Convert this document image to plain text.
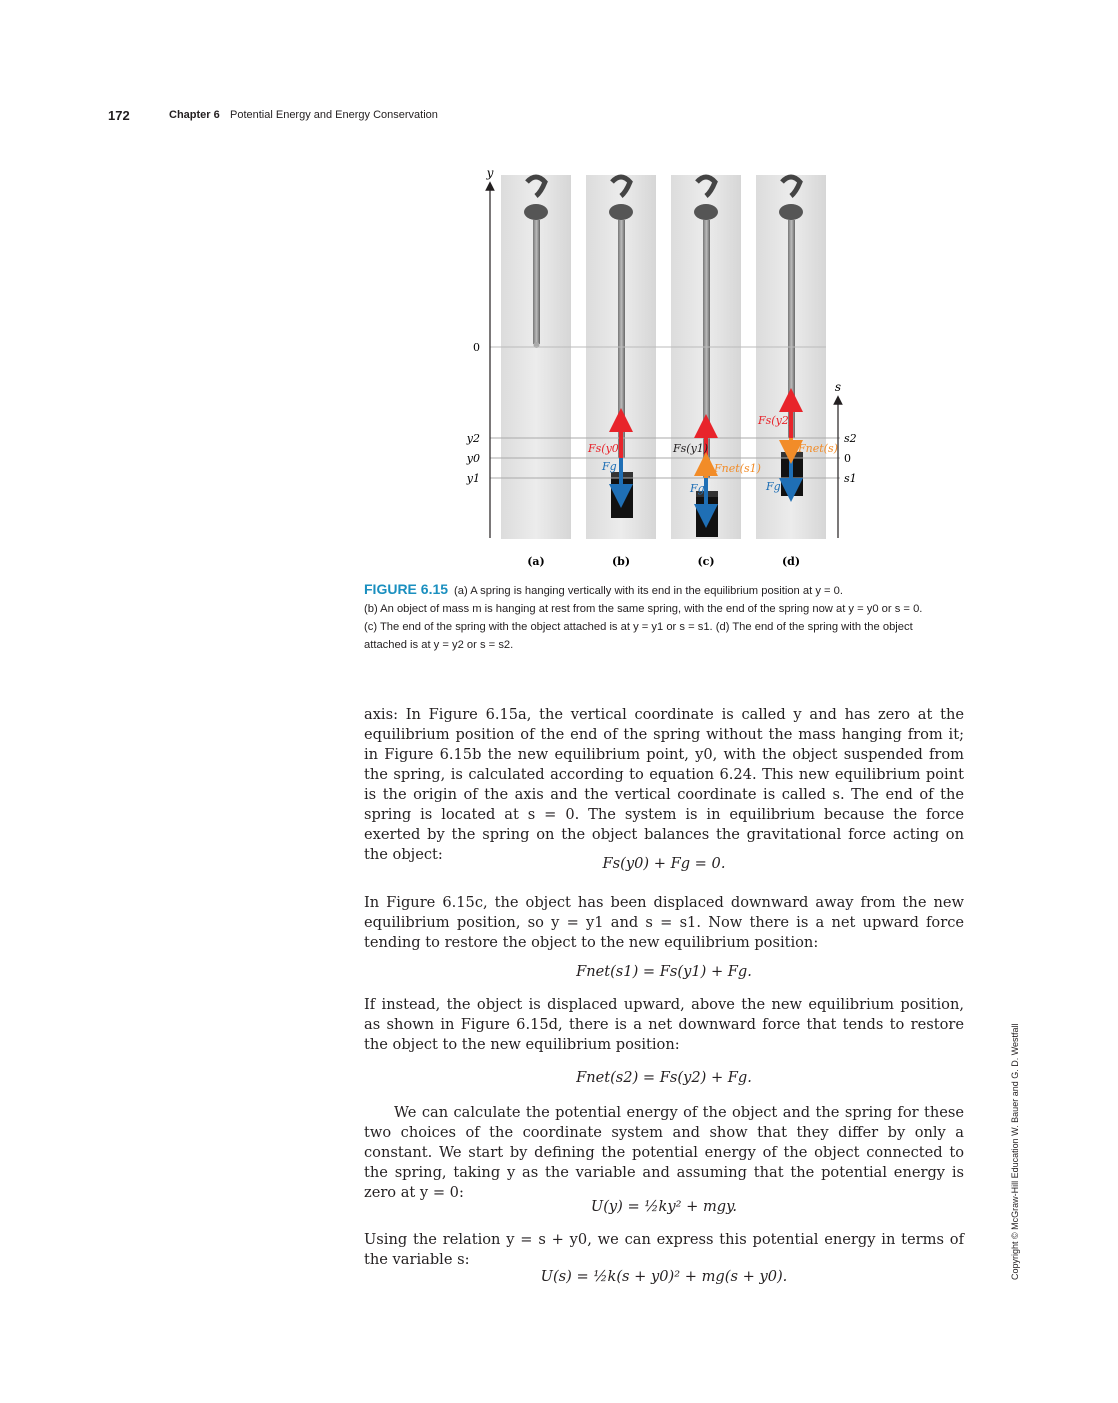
172	Chapter 6 Potential Energy and Energy Conservation
y
0
y2
y0
y1
s
s2
0
s1
Fs(y0)
Fg
Fs(y1)
Fnet(s1)
Fg
Fs(y2)
Fnet(s)
Fg
(a)	(b)	(c)	(d)
FIGURE 6.15 (a) A spring is hanging vertically with its end in the equilibrium position at y = 0.
(b) An object of mass m is hanging at rest from the same spring, with the end of the spring now at y = y0 or s = 0.
(c) The end of the spring with the object attached is at y = y1 or s = s1. (d) The end of the spring with the object
attached is at y = y2 or s = s2.
axis: In Figure 6.15a, the vertical coordinate is called y and has zero at the equilibrium position of the end of the spring without the mass hanging from it; in Figure 6.15b the new equilibrium point, y0, with the object suspended from the spring, is calculated according to equation 6.24. This new equilibrium point is the origin of the axis and the vertical coordinate is called s. The end of the spring is located at s = 0. The system is in equilibrium because the force exerted by the spring on the object balances the gravitational force acting on the object:
Fs(y0) + Fg = 0.
In Figure 6.15c, the object has been displaced downward away from the new equilibrium position, so y = y1 and s = s1. Now there is a net upward force tending to restore the object to the new equilibrium position:
Fnet(s1) = Fs(y1) + Fg.
If instead, the object is displaced upward, above the new equilibrium position, as shown in Figure 6.15d, there is a net downward force that tends to restore the object to the new equilibrium position:
Fnet(s2) = Fs(y2) + Fg.
We can calculate the potential energy of the object and the spring for these two choices of the coordinate system and show that they differ by only a constant. We start by defining the potential energy of the object connected to the spring, taking y as the variable and assuming that the potential energy is zero at y = 0:
U(y) = ½ky² + mgy.
Using the relation y = s + y0, we can express this potential energy in terms of the variable s:
U(s) = ½k(s + y0)² + mg(s + y0).	Copyright © McGraw-Hill Education W. Bauer and G. D. Westfall
